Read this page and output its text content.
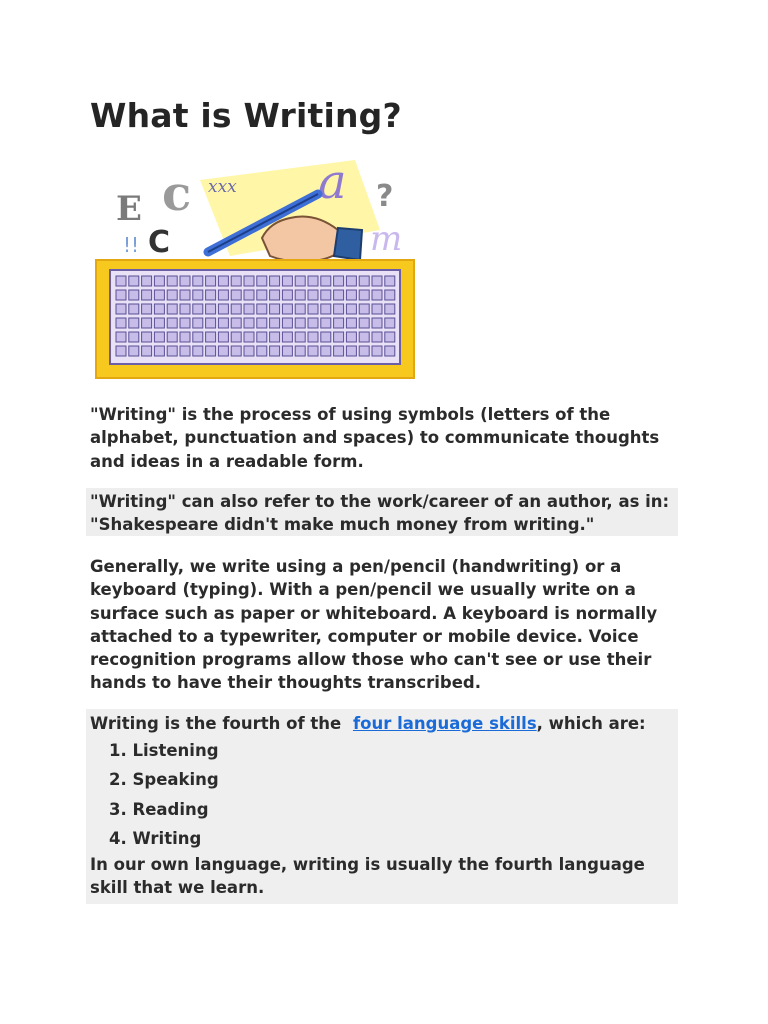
What is Writing?
E c
C
!!
xxx a ?
m

"Writing" is the process of using symbols (letters of the alphabet, punctuation and spaces) to communicate thoughts and ideas in a readable form.

"Writing" can also refer to the work/career of an author, as in:
"Shakespeare didn't make much money from writing."

Generally, we write using a pen/pencil (handwriting) or a keyboard (typing). With a pen/pencil we usually write on a surface such as paper or whiteboard. A keyboard is normally attached to a typewriter, computer or mobile device. Voice recognition programs allow those who can't see or use their hands to have their thoughts transcribed.

Writing is the fourth of the four language skills, which are:
1. Listening
2. Speaking
3. Reading
4. Writing
In our own language, writing is usually the fourth language skill that we learn.
